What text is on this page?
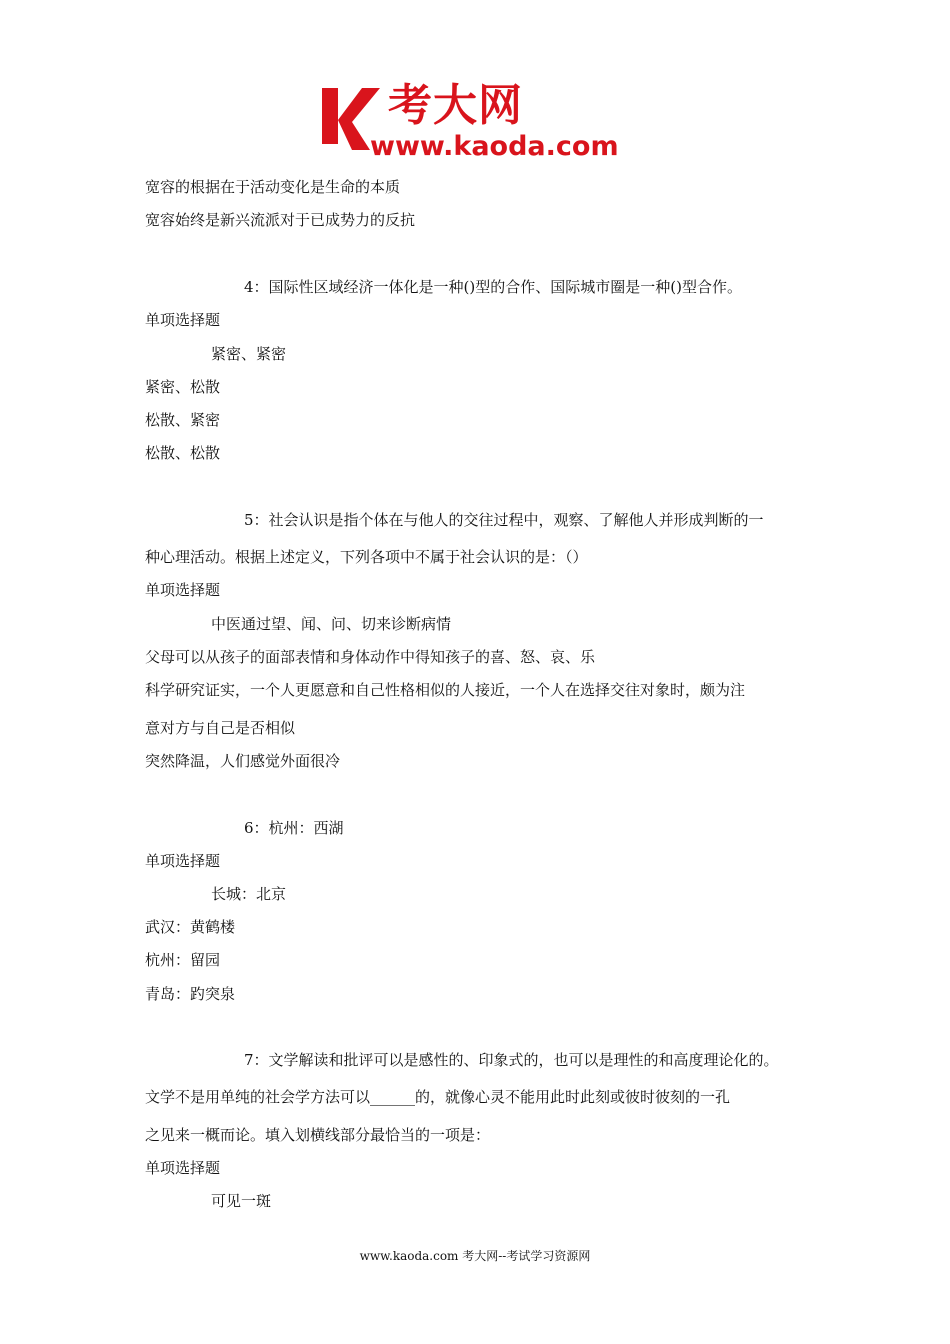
考大网
www.kaoda.com
宽容的根据在于活动变化是生命的本质
宽容始终是新兴流派对于已成势力的反抗
4：国际性区域经济一体化是一种()型的合作、国际城市圈是一种()型合作。
单项选择题
紧密、紧密
紧密、松散
松散、紧密
松散、松散
5：社会认识是指个体在与他人的交往过程中，观察、了解他人并形成判断的一
种心理活动。根据上述定义，下列各项中不属于社会认识的是：（）
单项选择题
中医通过望、闻、问、切来诊断病情
父母可以从孩子的面部表情和身体动作中得知孩子的喜、怒、哀、乐
科学研究证实，一个人更愿意和自己性格相似的人接近，一个人在选择交往对象时，颇为注
意对方与自己是否相似
突然降温，人们感觉外面很冷
6：杭州：西湖
单项选择题
长城：北京
武汉：黄鹤楼
杭州：留园
青岛：趵突泉
7：文学解读和批评可以是感性的、印象式的，也可以是理性的和高度理论化的。
文学不是用单纯的社会学方法可以______的，就像心灵不能用此时此刻或彼时彼刻的一孔
之见来一概而论。填入划横线部分最恰当的一项是：
单项选择题
可见一斑
www.kaoda.com 考大网--考试学习资源网
